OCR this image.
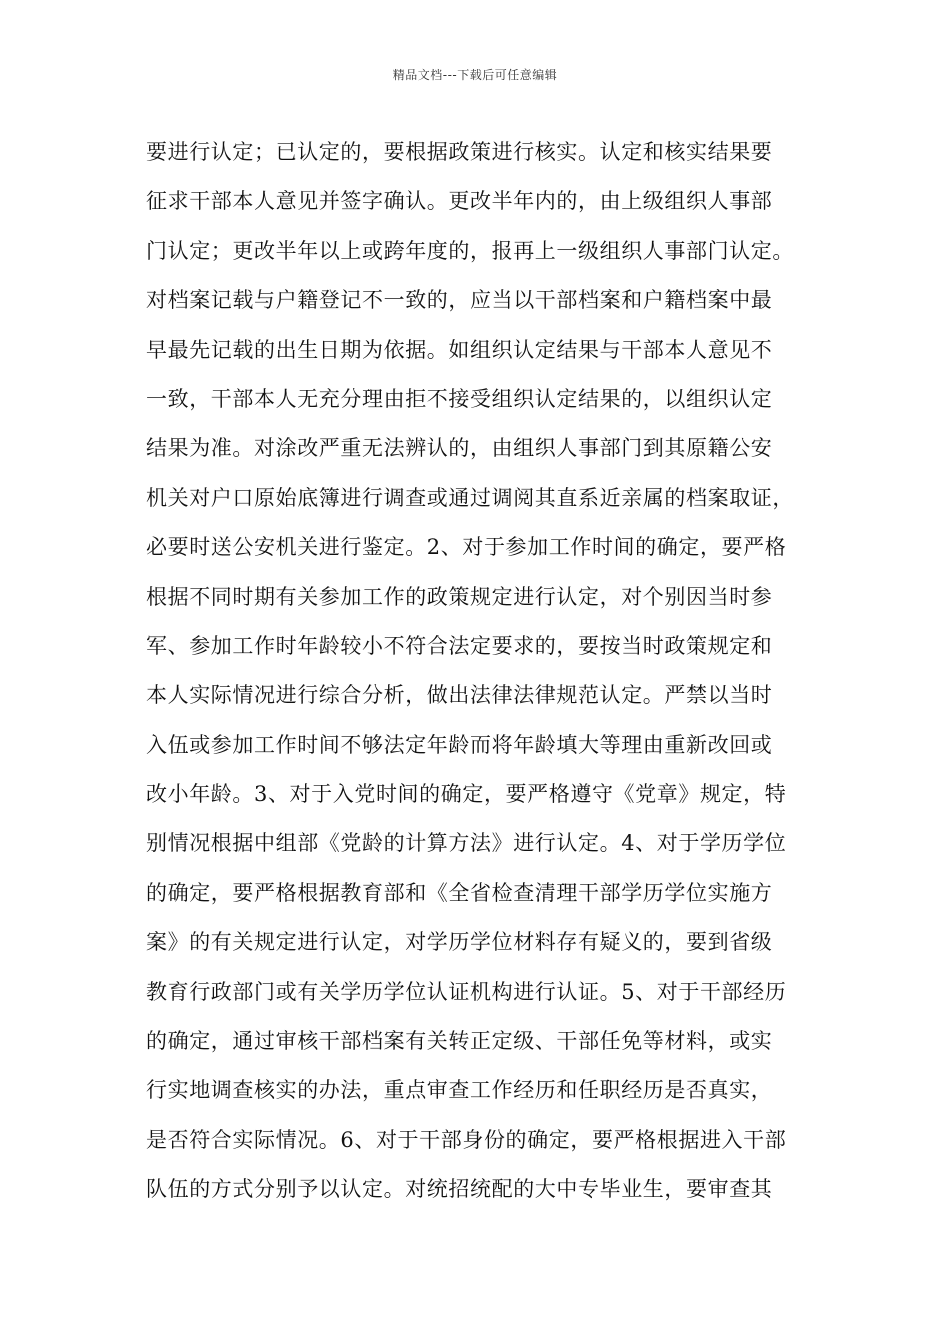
精品文档---下载后可任意编辑
要进行认定；已认定的，要根据政策进行核实。认定和核实结果要
征求干部本人意见并签字确认。更改半年内的，由上级组织人事部
门认定；更改半年以上或跨年度的，报再上一级组织人事部门认定。
对档案记载与户籍登记不一致的，应当以干部档案和户籍档案中最
早最先记载的出生日期为依据。如组织认定结果与干部本人意见不
一致，干部本人无充分理由拒不接受组织认定结果的，以组织认定
结果为准。对涂改严重无法辨认的，由组织人事部门到其原籍公安
机关对户口原始底簿进行调查或通过调阅其直系近亲属的档案取证，
必要时送公安机关进行鉴定。2、对于参加工作时间的确定，要严格
根据不同时期有关参加工作的政策规定进行认定，对个别因当时参
军、参加工作时年龄较小不符合法定要求的，要按当时政策规定和
本人实际情况进行综合分析，做出法律法律规范认定。严禁以当时
入伍或参加工作时间不够法定年龄而将年龄填大等理由重新改回或
改小年龄。3、对于入党时间的确定，要严格遵守《党章》规定，特
别情况根据中组部《党龄的计算方法》进行认定。4、对于学历学位
的确定，要严格根据教育部和《全省检查清理干部学历学位实施方
案》的有关规定进行认定，对学历学位材料存有疑义的，要到省级
教育行政部门或有关学历学位认证机构进行认证。5、对于干部经历
的确定，通过审核干部档案有关转正定级、干部任免等材料，或实
行实地调查核实的办法，重点审查工作经历和任职经历是否真实，
是否符合实际情况。6、对于干部身份的确定，要严格根据进入干部
队伍的方式分别予以认定。对统招统配的大中专毕业生，要审查其
